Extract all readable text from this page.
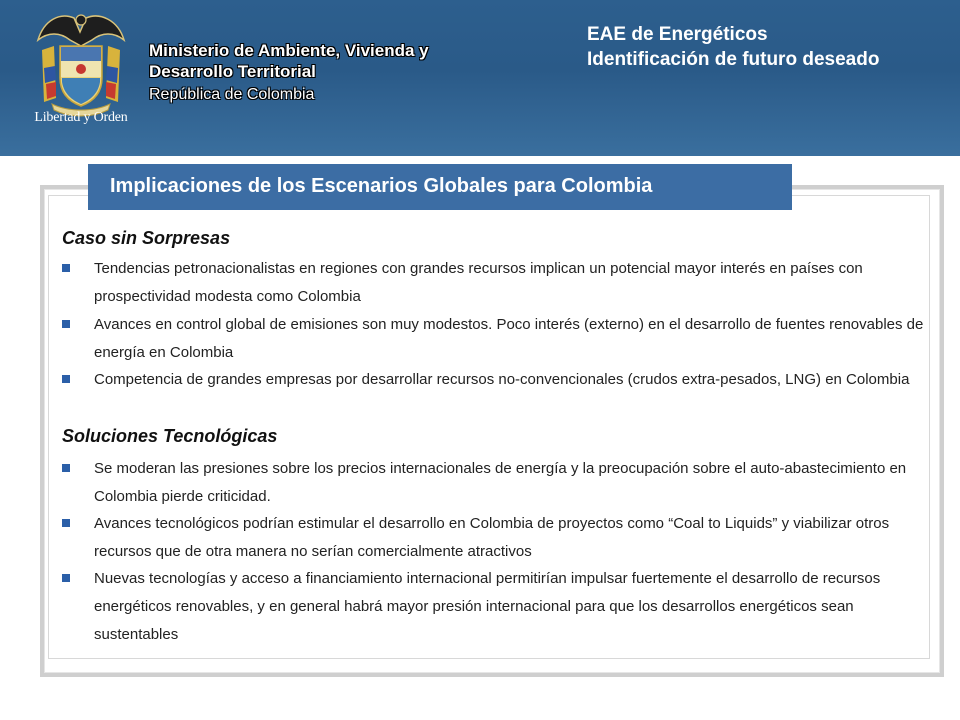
Libertad y Orden
Ministerio de Ambiente, Vivienda y
Desarrollo Territorial
República de Colombia
EAE de Energéticos
Identificación de futuro deseado
Implicaciones de los Escenarios Globales para Colombia
Caso sin Sorpresas
Tendencias petronacionalistas en regiones con grandes recursos implican un potencial mayor interés en países con prospectividad modesta como Colombia
Avances en control global de emisiones son muy modestos. Poco interés (externo) en el desarrollo de fuentes renovables de energía en Colombia
Competencia de grandes empresas por desarrollar recursos no-convencionales (crudos extra-pesados, LNG) en Colombia
Soluciones Tecnológicas
Se moderan las presiones sobre los precios internacionales de energía y la preocupación sobre el auto-abastecimiento en Colombia pierde criticidad.
Avances tecnológicos podrían estimular el desarrollo en Colombia de proyectos como “Coal to Liquids” y viabilizar otros recursos que de otra manera no serían comercialmente atractivos
Nuevas tecnologías y acceso a financiamiento internacional permitirían impulsar fuertemente el desarrollo de recursos energéticos renovables, y en general habrá mayor presión internacional para que los desarrollos energéticos sean sustentables
